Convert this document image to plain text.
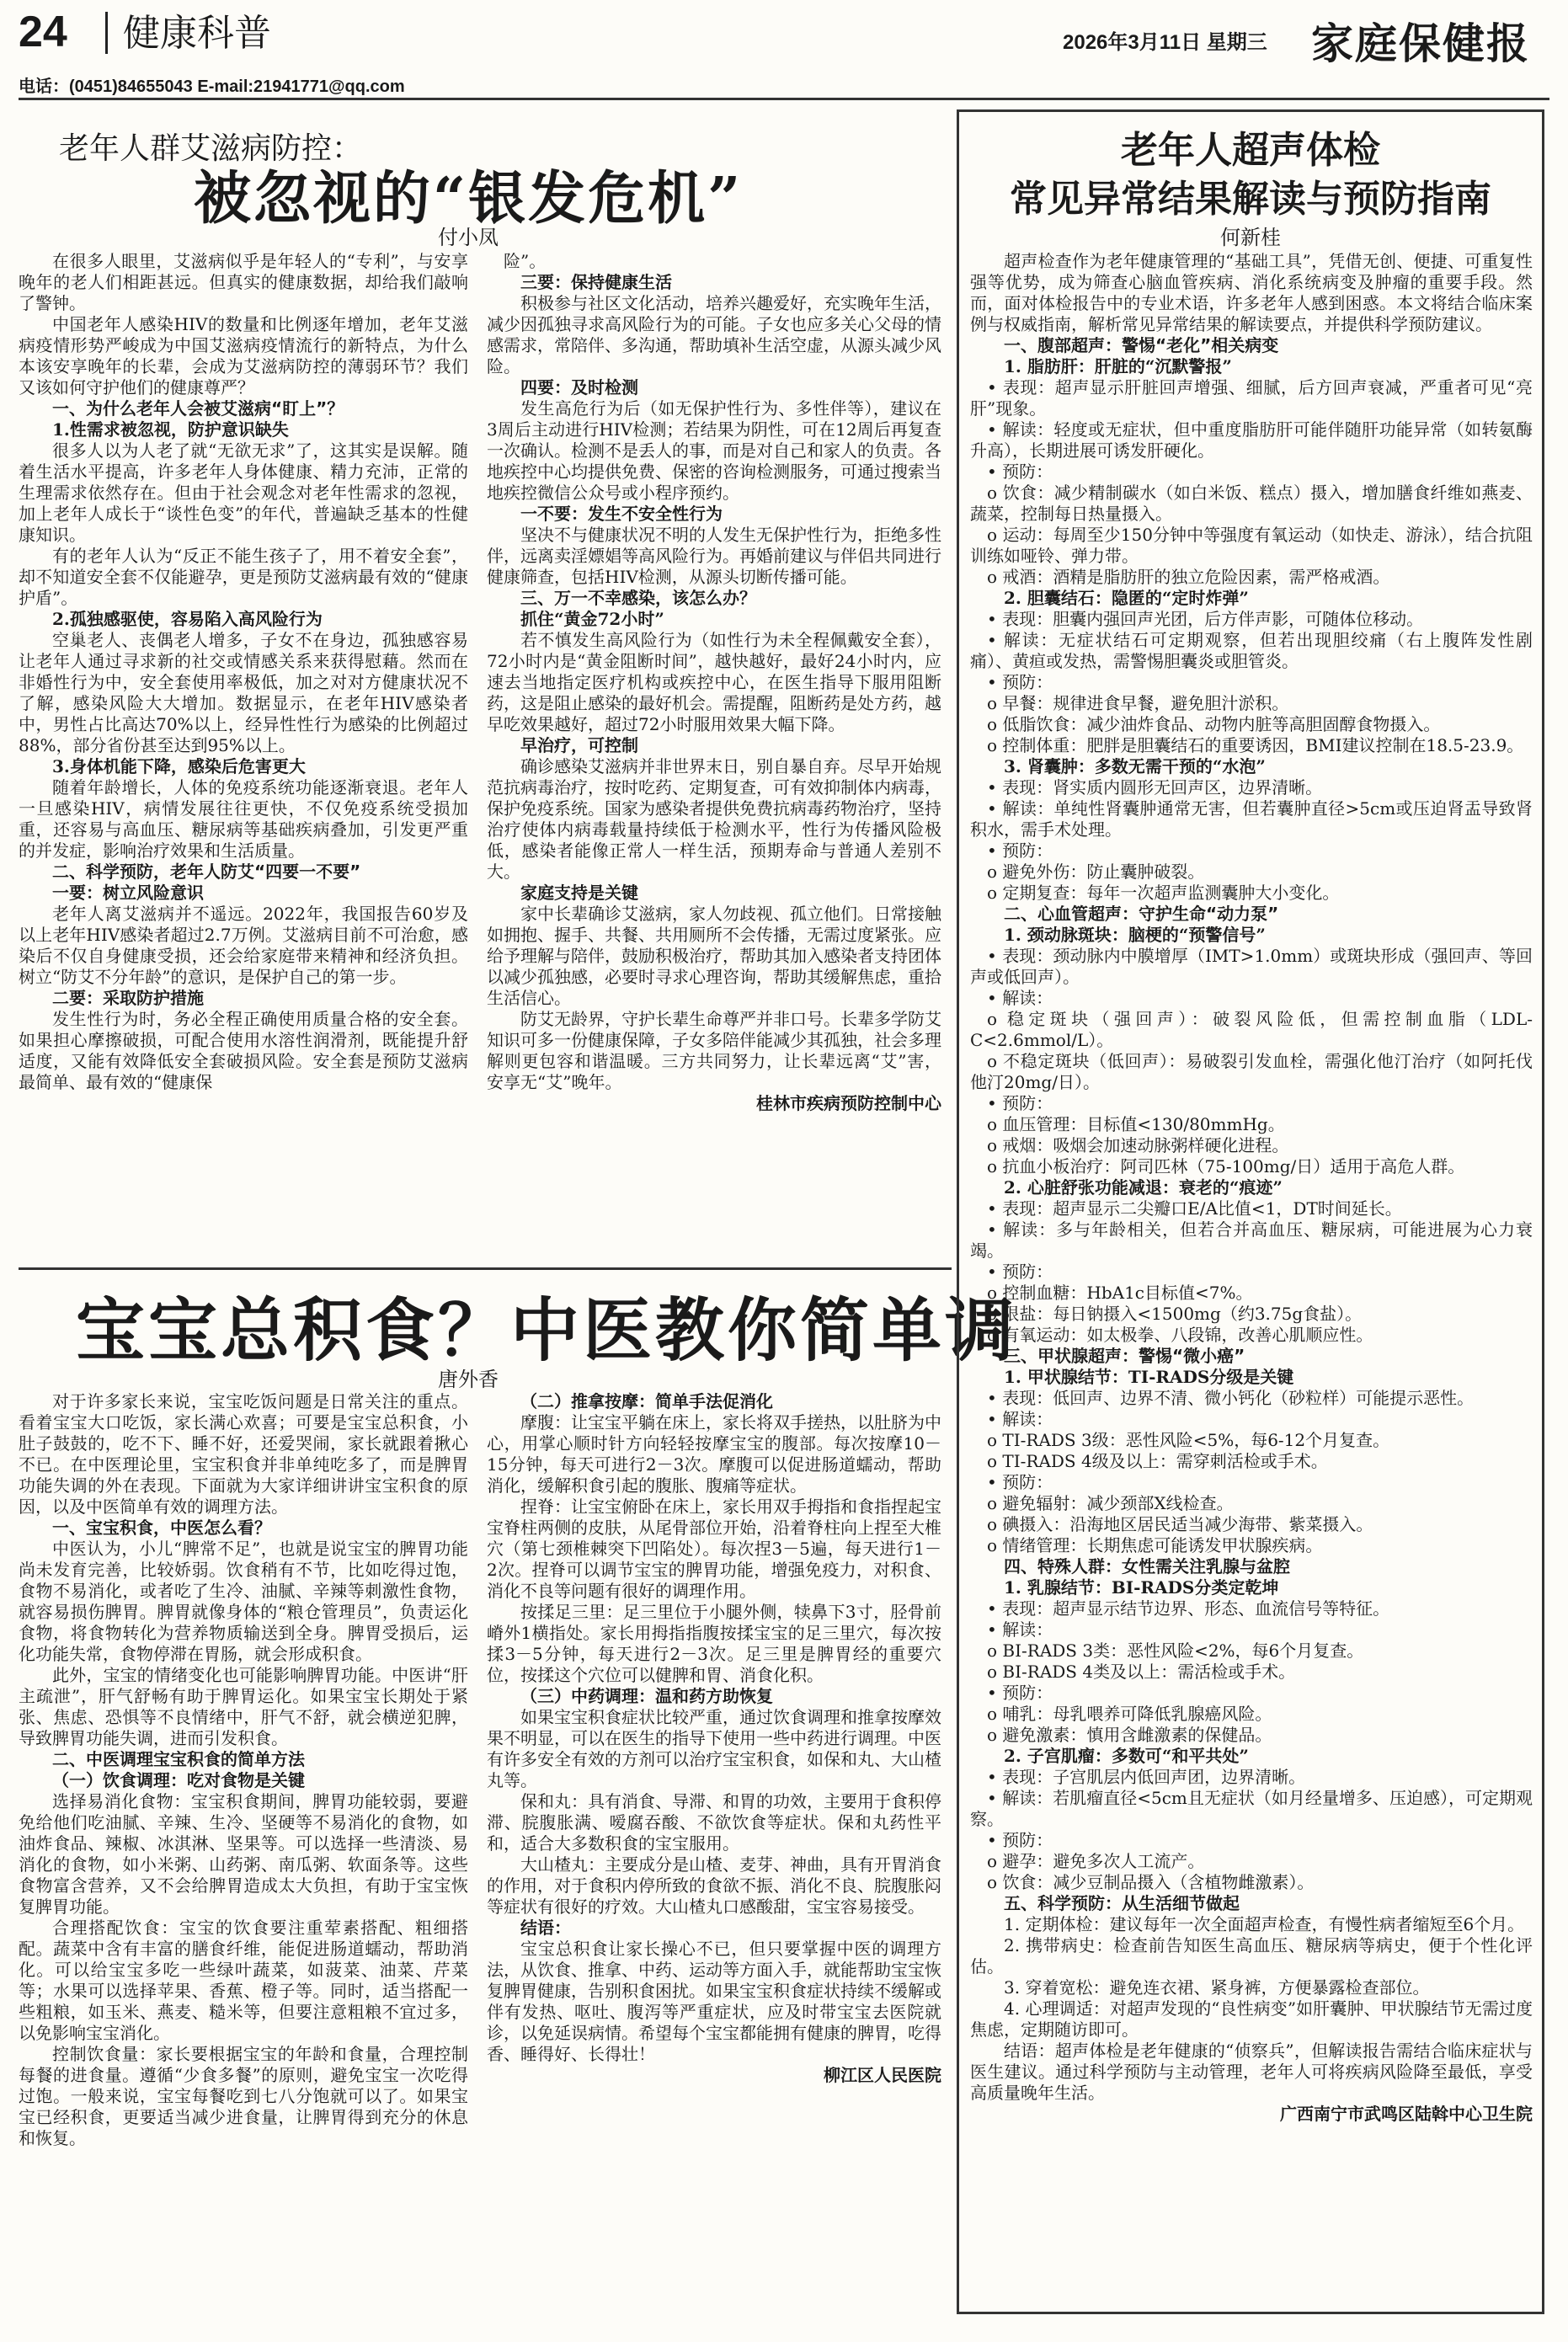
24 健康科普	2026年3月11日 星期三 家庭保健报
电话：(0451)84655043 E-mail:21941771@qq.com
老年人群艾滋病防控：
被忽视的“银发危机”
付小凤

在很多人眼里，艾滋病似乎是年轻人的“专利”，与安享晚年的老人们相距甚远。但真实的健康数据，却给我们敲响了警钟。

中国老年人感染HIV的数量和比例逐年增加，老年艾滋病疫情形势严峻成为中国艾滋病疫情流行的新特点，为什么本该安享晚年的长辈，会成为艾滋病防控的薄弱环节？我们又该如何守护他们的健康尊严？

一、为什么老年人会被艾滋病“盯上”？

1.性需求被忽视，防护意识缺失

很多人以为人老了就“无欲无求”了，这其实是误解。随着生活水平提高，许多老年人身体健康、精力充沛，正常的生理需求依然存在。但由于社会观念对老年性需求的忽视，加上老年人成长于“谈性色变”的年代，普遍缺乏基本的性健康知识。

有的老年人认为“反正不能生孩子了，用不着安全套”，却不知道安全套不仅能避孕，更是预防艾滋病最有效的“健康护盾”。

2.孤独感驱使，容易陷入高风险行为

空巢老人、丧偶老人增多，子女不在身边，孤独感容易让老年人通过寻求新的社交或情感关系来获得慰藉。然而在非婚性行为中，安全套使用率极低，加之对对方健康状况不了解，感染风险大大增加。数据显示，在老年HIV感染者中，男性占比高达70%以上，经异性性行为感染的比例超过88%，部分省份甚至达到95%以上。

3.身体机能下降，感染后危害更大

随着年龄增长，人体的免疫系统功能逐渐衰退。老年人一旦感染HIV，病情发展往往更快，不仅免疫系统受损加重，还容易与高血压、糖尿病等基础疾病叠加，引发更严重的并发症，影响治疗效果和生活质量。

二、科学预防，老年人防艾“四要一不要”

一要：树立风险意识

老年人离艾滋病并不遥远。2022年，我国报告60岁及以上老年HIV感染者超过2.7万例。艾滋病目前不可治愈，感染后不仅自身健康受损，还会给家庭带来精神和经济负担。树立“防艾不分年龄”的意识，是保护自己的第一步。

二要：采取防护措施

发生性行为时，务必全程正确使用质量合格的安全套。如果担心摩擦破损，可配合使用水溶性润滑剂，既能提升舒适度，又能有效降低安全套破损风险。安全套是预防艾滋病最简单、最有效的“健康保

险”。

三要：保持健康生活

积极参与社区文化活动，培养兴趣爱好，充实晚年生活，减少因孤独寻求高风险行为的可能。子女也应多关心父母的情感需求，常陪伴、多沟通，帮助填补生活空虚，从源头减少风险。

四要：及时检测

发生高危行为后（如无保护性行为、多性伴等），建议在3周后主动进行HIV检测；若结果为阴性，可在12周后再复查一次确认。检测不是丢人的事，而是对自己和家人的负责。各地疾控中心均提供免费、保密的咨询检测服务，可通过搜索当地疾控微信公众号或小程序预约。

一不要：发生不安全性行为

坚决不与健康状况不明的人发生无保护性行为，拒绝多性伴，远离卖淫嫖娼等高风险行为。再婚前建议与伴侣共同进行健康筛查，包括HIV检测，从源头切断传播可能。

三、万一不幸感染，该怎么办？

抓住“黄金72小时”

若不慎发生高风险行为（如性行为未全程佩戴安全套），72小时内是“黄金阻断时间”，越快越好，最好24小时内，应速去当地指定医疗机构或疾控中心，在医生指导下服用阻断药，这是阻止感染的最好机会。需提醒，阻断药是处方药，越早吃效果越好，超过72小时服用效果大幅下降。

早治疗，可控制

确诊感染艾滋病并非世界末日，别自暴自弃。尽早开始规范抗病毒治疗，按时吃药、定期复查，可有效抑制体内病毒，保护免疫系统。国家为感染者提供免费抗病毒药物治疗，坚持治疗使体内病毒载量持续低于检测水平，性行为传播风险极低，感染者能像正常人一样生活，预期寿命与普通人差别不大。

家庭支持是关键

家中长辈确诊艾滋病，家人勿歧视、孤立他们。日常接触如拥抱、握手、共餐、共用厕所不会传播，无需过度紧张。应给予理解与陪伴，鼓励积极治疗，帮助其加入感染者支持团体以减少孤独感，必要时寻求心理咨询，帮助其缓解焦虑，重拾生活信心。

防艾无龄界，守护长辈生命尊严并非口号。长辈多学防艾知识可多一份健康保障，子女多陪伴能减少其孤独，社会多理解则更包容和谐温暖。三方共同努力，让长辈远离“艾”害，安享无“艾”晚年。

桂林市疾病预防控制中心

宝宝总积食？中医教你简单调
唐外香

对于许多家长来说，宝宝吃饭问题是日常关注的重点。看着宝宝大口吃饭，家长满心欢喜；可要是宝宝总积食，小肚子鼓鼓的，吃不下、睡不好，还爱哭闹，家长就跟着揪心不已。在中医理论里，宝宝积食并非单纯吃多了，而是脾胃功能失调的外在表现。下面就为大家详细讲讲宝宝积食的原因，以及中医简单有效的调理方法。

一、宝宝积食，中医怎么看？

中医认为，小儿“脾常不足”，也就是说宝宝的脾胃功能尚未发育完善，比较娇弱。饮食稍有不节，比如吃得过饱，食物不易消化，或者吃了生冷、油腻、辛辣等刺激性食物，就容易损伤脾胃。脾胃就像身体的“粮仓管理员”，负责运化食物，将食物转化为营养物质输送到全身。脾胃受损后，运化功能失常，食物停滞在胃肠，就会形成积食。

此外，宝宝的情绪变化也可能影响脾胃功能。中医讲“肝主疏泄”，肝气舒畅有助于脾胃运化。如果宝宝长期处于紧张、焦虑、恐惧等不良情绪中，肝气不舒，就会横逆犯脾，导致脾胃功能失调，进而引发积食。

二、中医调理宝宝积食的简单方法

（一）饮食调理：吃对食物是关键

选择易消化食物：宝宝积食期间，脾胃功能较弱，要避免给他们吃油腻、辛辣、生冷、坚硬等不易消化的食物，如油炸食品、辣椒、冰淇淋、坚果等。可以选择一些清淡、易消化的食物，如小米粥、山药粥、南瓜粥、软面条等。这些食物富含营养，又不会给脾胃造成太大负担，有助于宝宝恢复脾胃功能。

合理搭配饮食：宝宝的饮食要注重荤素搭配、粗细搭配。蔬菜中含有丰富的膳食纤维，能促进肠道蠕动，帮助消化。可以给宝宝多吃一些绿叶蔬菜，如菠菜、油菜、芹菜等；水果可以选择苹果、香蕉、橙子等。同时，适当搭配一些粗粮，如玉米、燕麦、糙米等，但要注意粗粮不宜过多，以免影响宝宝消化。

控制饮食量：家长要根据宝宝的年龄和食量，合理控制每餐的进食量。遵循“少食多餐”的原则，避免宝宝一次吃得过饱。一般来说，宝宝每餐吃到七八分饱就可以了。如果宝宝已经积食，更要适当减少进食量，让脾胃得到充分的休息和恢复。

（二）推拿按摩：简单手法促消化

摩腹：让宝宝平躺在床上，家长将双手搓热，以肚脐为中心，用掌心顺时针方向轻轻按摩宝宝的腹部。每次按摩10－15分钟，每天可进行2－3次。摩腹可以促进肠道蠕动，帮助消化，缓解积食引起的腹胀、腹痛等症状。

捏脊：让宝宝俯卧在床上，家长用双手拇指和食指捏起宝宝脊柱两侧的皮肤，从尾骨部位开始，沿着脊柱向上捏至大椎穴（第七颈椎棘突下凹陷处）。每次捏3－5遍，每天进行1－2次。捏脊可以调节宝宝的脾胃功能，增强免疫力，对积食、消化不良等问题有很好的调理作用。

按揉足三里：足三里位于小腿外侧，犊鼻下3寸，胫骨前嵴外1横指处。家长用拇指指腹按揉宝宝的足三里穴，每次按揉3－5分钟，每天进行2－3次。足三里是脾胃经的重要穴位，按揉这个穴位可以健脾和胃、消食化积。

（三）中药调理：温和药方助恢复

如果宝宝积食症状比较严重，通过饮食调理和推拿按摩效果不明显，可以在医生的指导下使用一些中药进行调理。中医有许多安全有效的方剂可以治疗宝宝积食，如保和丸、大山楂丸等。

保和丸：具有消食、导滞、和胃的功效，主要用于食积停滞、脘腹胀满、嗳腐吞酸、不欲饮食等症状。保和丸药性平和，适合大多数积食的宝宝服用。

大山楂丸：主要成分是山楂、麦芽、神曲，具有开胃消食的作用，对于食积内停所致的食欲不振、消化不良、脘腹胀闷等症状有很好的疗效。大山楂丸口感酸甜，宝宝容易接受。

结语：

宝宝总积食让家长操心不已，但只要掌握中医的调理方法，从饮食、推拿、中药、运动等方面入手，就能帮助宝宝恢复脾胃健康，告别积食困扰。如果宝宝积食症状持续不缓解或伴有发热、呕吐、腹泻等严重症状，应及时带宝宝去医院就诊，以免延误病情。希望每个宝宝都能拥有健康的脾胃，吃得香、睡得好、长得壮！

柳江区人民医院

老年人超声体检
常见异常结果解读与预防指南
何新桂

超声检查作为老年健康管理的“基础工具”，凭借无创、便捷、可重复性强等优势，成为筛查心脑血管疾病、消化系统病变及肿瘤的重要手段。然而，面对体检报告中的专业术语，许多老年人感到困惑。本文将结合临床案例与权威指南，解析常见异常结果的解读要点，并提供科学预防建议。

一、腹部超声：警惕“老化”相关病变

1. 脂肪肝：肝脏的“沉默警报”

• 表现：超声显示肝脏回声增强、细腻，后方回声衰减，严重者可见“亮肝”现象。

• 解读：轻度或无症状，但中重度脂肪肝可能伴随肝功能异常（如转氨酶升高），长期进展可诱发肝硬化。

• 预防：

o 饮食：减少精制碳水（如白米饭、糕点）摄入，增加膳食纤维如燕麦、蔬菜，控制每日热量摄入。

o 运动：每周至少150分钟中等强度有氧运动（如快走、游泳），结合抗阻训练如哑铃、弹力带。

o 戒酒：酒精是脂肪肝的独立危险因素，需严格戒酒。

2. 胆囊结石：隐匿的“定时炸弹”

• 表现：胆囊内强回声光团，后方伴声影，可随体位移动。

• 解读：无症状结石可定期观察，但若出现胆绞痛（右上腹阵发性剧痛）、黄疸或发热，需警惕胆囊炎或胆管炎。

• 预防：

o 早餐：规律进食早餐，避免胆汁淤积。

o 低脂饮食：减少油炸食品、动物内脏等高胆固醇食物摄入。

o 控制体重：肥胖是胆囊结石的重要诱因，BMI建议控制在18.5-23.9。

3. 肾囊肿：多数无需干预的“水泡”

• 表现：肾实质内圆形无回声区，边界清晰。

• 解读：单纯性肾囊肿通常无害，但若囊肿直径>5cm或压迫肾盂导致肾积水，需手术处理。

• 预防：

o 避免外伤：防止囊肿破裂。

o 定期复查：每年一次超声监测囊肿大小变化。

二、心血管超声：守护生命“动力泵”

1. 颈动脉斑块：脑梗的“预警信号”

• 表现：颈动脉内中膜增厚（IMT>1.0mm）或斑块形成（强回声、等回声或低回声）。

• 解读：

o 稳定斑块（强回声）：破裂风险低，但需控制血脂（LDL-C<2.6mmol/L）。

o 不稳定斑块（低回声）：易破裂引发血栓，需强化他汀治疗（如阿托伐他汀20mg/日）。

• 预防：

o 血压管理：目标值<130/80mmHg。

o 戒烟：吸烟会加速动脉粥样硬化进程。

o 抗血小板治疗：阿司匹林（75-100mg/日）适用于高危人群。

2. 心脏舒张功能减退：衰老的“痕迹”

• 表现：超声显示二尖瓣口E/A比值<1，DT时间延长。

• 解读：多与年龄相关，但若合并高血压、糖尿病，可能进展为心力衰竭。

• 预防：

o 控制血糖：HbA1c目标值<7%。

o 限盐：每日钠摄入<1500mg（约3.75g食盐）。

o 有氧运动：如太极拳、八段锦，改善心肌顺应性。

三、甲状腺超声：警惕“微小癌”

1. 甲状腺结节：TI-RADS分级是关键

• 表现：低回声、边界不清、微小钙化（砂粒样）可能提示恶性。

• 解读：

o TI-RADS 3级：恶性风险<5%，每6-12个月复查。

o TI-RADS 4级及以上：需穿刺活检或手术。

• 预防：

o 避免辐射：减少颈部X线检查。

o 碘摄入：沿海地区居民适当减少海带、紫菜摄入。

o 情绪管理：长期焦虑可能诱发甲状腺疾病。

四、特殊人群：女性需关注乳腺与盆腔

1. 乳腺结节：BI-RADS分类定乾坤

• 表现：超声显示结节边界、形态、血流信号等特征。

• 解读：

o BI-RADS 3类：恶性风险<2%，每6个月复查。

o BI-RADS 4类及以上：需活检或手术。

• 预防：

o 哺乳：母乳喂养可降低乳腺癌风险。

o 避免激素：慎用含雌激素的保健品。

2. 子宫肌瘤：多数可“和平共处”

• 表现：子宫肌层内低回声团，边界清晰。

• 解读：若肌瘤直径<5cm且无症状（如月经量增多、压迫感），可定期观察。

• 预防：

o 避孕：避免多次人工流产。

o 饮食：减少豆制品摄入（含植物雌激素）。

五、科学预防：从生活细节做起

1. 定期体检：建议每年一次全面超声检查，有慢性病者缩短至6个月。

2. 携带病史：检查前告知医生高血压、糖尿病等病史，便于个性化评估。

3. 穿着宽松：避免连衣裙、紧身裤，方便暴露检查部位。

4. 心理调适：对超声发现的“良性病变”如肝囊肿、甲状腺结节无需过度焦虑，定期随访即可。

结语：超声体检是老年健康的“侦察兵”，但解读报告需结合临床症状与医生建议。通过科学预防与主动管理，老年人可将疾病风险降至最低，享受高质量晚年生活。

广西南宁市武鸣区陆斡中心卫生院
